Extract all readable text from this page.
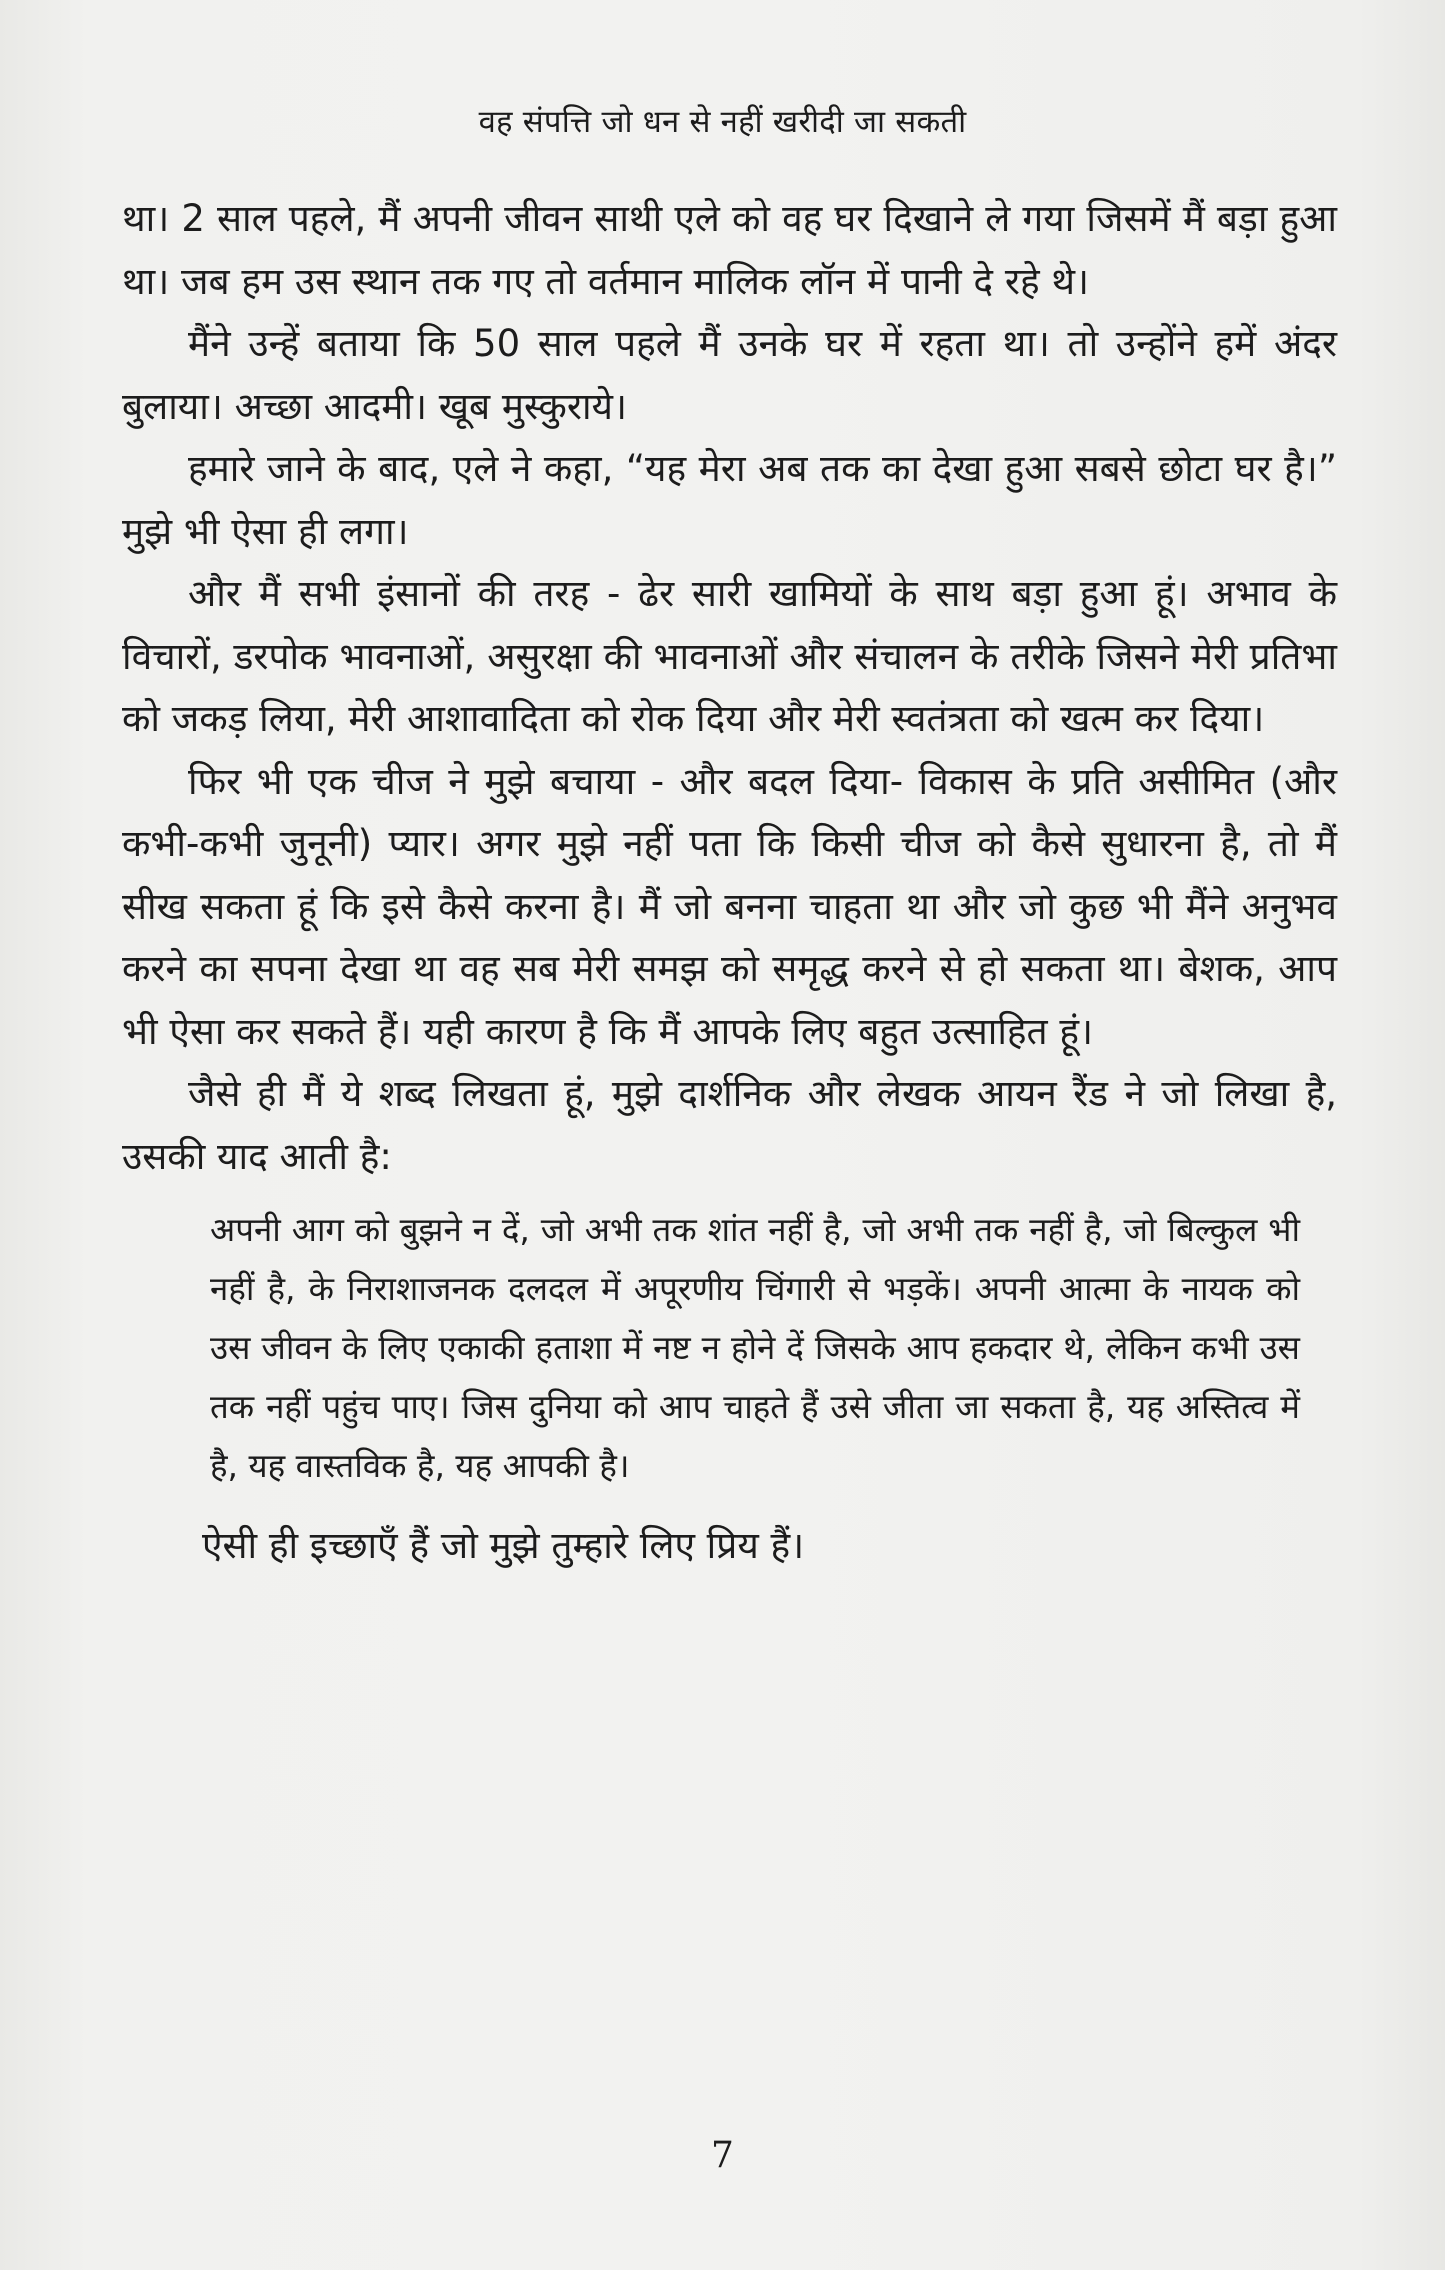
वह संपत्ति जो धन से नहीं खरीदी जा सकती

था। 2 साल पहले, मैं अपनी जीवन साथी एले को वह घर दिखाने ले गया जिसमें मैं बड़ा हुआ था। जब हम उस स्थान तक गए तो वर्तमान मालिक लॉन में पानी दे रहे थे।

मैंने उन्हें बताया कि 50 साल पहले मैं उनके घर में रहता था। तो उन्होंने हमें अंदर बुलाया। अच्छा आदमी। खूब मुस्कुराये।

हमारे जाने के बाद, एले ने कहा, “यह मेरा अब तक का देखा हुआ सबसे छोटा घर है।” मुझे भी ऐसा ही लगा।

और मैं सभी इंसानों की तरह - ढेर सारी खामियों के साथ बड़ा हुआ हूं। अभाव के विचारों, डरपोक भावनाओं, असुरक्षा की भावनाओं और संचालन के तरीके जिसने मेरी प्रतिभा को जकड़ लिया, मेरी आशावादिता को रोक दिया और मेरी स्वतंत्रता को खत्म कर दिया।

फिर भी एक चीज ने मुझे बचाया - और बदल दिया- विकास के प्रति असीमित (और कभी-कभी जुनूनी) प्यार। अगर मुझे नहीं पता कि किसी चीज को कैसे सुधारना है, तो मैं सीख सकता हूं कि इसे कैसे करना है। मैं जो बनना चाहता था और जो कुछ भी मैंने अनुभव करने का सपना देखा था वह सब मेरी समझ को समृद्ध करने से हो सकता था। बेशक, आप भी ऐसा कर सकते हैं। यही कारण है कि मैं आपके लिए बहुत उत्साहित हूं।

जैसे ही मैं ये शब्द लिखता हूं, मुझे दार्शनिक और लेखक आयन रैंड ने जो लिखा है, उसकी याद आती है:

अपनी आग को बुझने न दें, जो अभी तक शांत नहीं है, जो अभी तक नहीं है, जो बिल्कुल भी नहीं है, के निराशाजनक दलदल में अपूरणीय चिंगारी से भड़कें। अपनी आत्मा के नायक को उस जीवन के लिए एकाकी हताशा में नष्ट न होने दें जिसके आप हकदार थे, लेकिन कभी उस तक नहीं पहुंच पाए। जिस दुनिया को आप चाहते हैं उसे जीता जा सकता है, यह अस्तित्व में है, यह वास्तविक है, यह आपकी है।
ऐसी ही इच्छाएँ हैं जो मुझे तुम्हारे लिए प्रिय हैं।
7
